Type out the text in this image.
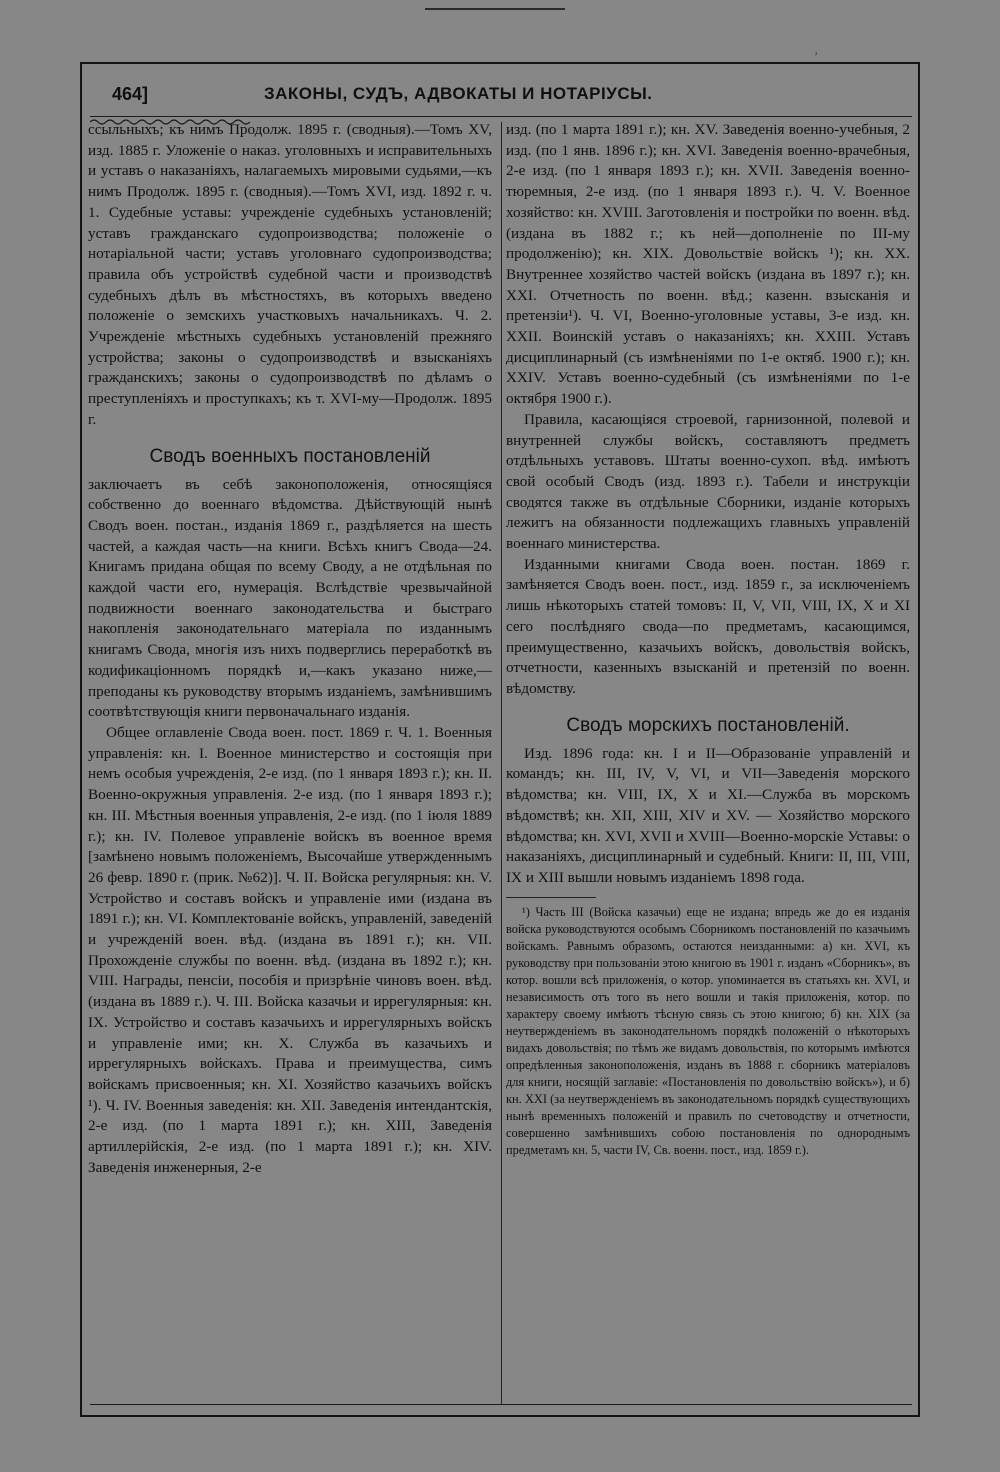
′
464]	ЗАКОНЫ, СУДЪ, АДВОКАТЫ И НОТАРІУСЫ.

ссыльныхъ; къ нимъ Продолж. 1895 г. (сводныя).—Томъ XV, изд. 1885 г. Уложеніе о наказ. уголовныхъ и исправительныхъ и уставъ о наказаніяхъ, налагаемыхъ мировыми судьями,—къ нимъ Продолж. 1895 г. (сводныя).—Томъ XVI, изд. 1892 г. ч. 1. Судебные уставы: учрежденіе судебныхъ установленій; уставъ гражданскаго судопроизводства; положеніе о нотаріальной части; уставъ уголовнаго судопроизводства; правила объ устройствѣ судебной части и производствѣ судебныхъ дѣлъ въ мѣстностяхъ, въ которыхъ введено положеніе о земскихъ участковыхъ начальникахъ. Ч. 2. Учрежденіе мѣстныхъ судебныхъ установленій прежняго устройства; законы о судопроизводствѣ и взысканіяхъ гражданскихъ; законы о судопроизводствѣ по дѣламъ о преступленіяхъ и проступкахъ; къ т. XVI-му—Продолж. 1895 г.

Сводъ военныхъ постановленій

заключаетъ въ себѣ законоположенія, относящіяся собственно до военнаго вѣдомства. Дѣйствующій нынѣ Сводъ воен. постан., изданія 1869 г., раздѣляется на шесть частей, а каждая часть—на книги. Всѣхъ книгъ Свода—24. Книгамъ придана общая по всему Своду, а не отдѣльная по каждой части его, нумерація. Вслѣдствіе чрезвычайной подвижности военнаго законодательства и быстраго накопленія законодательнаго матеріала по изданнымъ книгамъ Свода, многія изъ нихъ подверглись переработкѣ въ кодификаціонномъ порядкѣ и,—какъ указано ниже,—преподаны къ руководству вторымъ изданіемъ, замѣнившимъ соотвѣтствующія книги первоначальнаго изданія.

Общее оглавленіе Свода воен. пост. 1869 г. Ч. 1. Военныя управленія: кн. I. Военное министерство и состоящія при немъ особыя учрежденія, 2-е изд. (по 1 января 1893 г.); кн. II. Военно-окружныя управленія. 2-е изд. (по 1 января 1893 г.); кн. III. Мѣстныя военныя управленія, 2-е изд. (по 1 іюля 1889 г.); кн. IV. Полевое управленіе войскъ въ военное время [замѣнено новымъ положеніемъ, Высочайше утвержденнымъ 26 февр. 1890 г. (прик. №62)]. Ч. II. Войска регулярныя: кн. V. Устройство и составъ войскъ и управленіе ими (издана въ 1891 г.); кн. VI. Комплектованіе войскъ, управленій, заведеній и учрежденій воен. вѣд. (издана въ 1891 г.); кн. VII. Прохожденіе службы по военн. вѣд. (издана въ 1892 г.); кн. VIII. Награды, пенсіи, пособія и призрѣніе чиновъ воен. вѣд. (издана въ 1889 г.). Ч. III. Войска казачьи и иррегулярныя: кн. IX. Устройство и составъ казачьихъ и иррегулярныхъ войскъ и управленіе ими; кн. X. Служба въ казачьихъ и иррегулярныхъ войскахъ. Права и преимущества, симъ войскамъ присвоенныя; кн. XI. Хозяйство казачьихъ войскъ ¹). Ч. IV. Военныя заведенія: кн. XII. Заведенія интендантскія, 2-е изд. (по 1 марта 1891 г.); кн. XIII, Заведенія артиллерійскія, 2-е изд. (по 1 марта 1891 г.); кн. XIV. Заведенія инженерныя, 2-е

изд. (по 1 марта 1891 г.); кн. XV. Заведенія военно-учебныя, 2 изд. (по 1 янв. 1896 г.); кн. XVI. Заведенія военно-врачебныя, 2-е изд. (по 1 января 1893 г.); кн. XVII. Заведенія военно-тюремныя, 2-е изд. (по 1 января 1893 г.). Ч. V. Военное хозяйство: кн. XVIII. Заготовленія и постройки по военн. вѣд. (издана въ 1882 г.; къ ней—дополненіе по III-му продолженію); кн. XIX. Довольствіе войскъ ¹); кн. XX. Внутреннее хозяйство частей войскъ (издана въ 1897 г.); кн. XXI. Отчетность по военн. вѣд.; казенн. взысканія и претензіи¹). Ч. VI, Военно-уголовные уставы, 3-е изд. кн. XXII. Воинскій уставъ о наказаніяхъ; кн. XXIII. Уставъ дисциплинарный (съ измѣненіями по 1-е октяб. 1900 г.); кн. XXIV. Уставъ военно-судебный (съ измѣненіями по 1-е октября 1900 г.).

Правила, касающіяся строевой, гарнизонной, полевой и внутренней службы войскъ, составляютъ предметъ отдѣльныхъ уставовъ. Штаты военно-сухоп. вѣд. имѣютъ свой особый Сводъ (изд. 1893 г.). Табели и инструкціи сводятся также въ отдѣльные Сборники, изданіе которыхъ лежитъ на обязанности подлежащихъ главныхъ управленій военнаго министерства.

Изданными книгами Свода воен. постан. 1869 г. замѣняется Сводъ воен. пост., изд. 1859 г., за исключеніемъ лишь нѣкоторыхъ статей томовъ: II, V, VII, VIII, IX, X и XI сего послѣдняго свода—по предметамъ, касающимся, преимущественно, казачьихъ войскъ, довольствія войскъ, отчетности, казенныхъ взысканій и претензій по военн. вѣдомству.

Сводъ морскихъ постановленій.

Изд. 1896 года: кн. I и II—Образованіе управленій и командъ; кн. III, IV, V, VI, и VII—Заведенія морского вѣдомства; кн. VIII, IX, X и XI.—Служба въ морскомъ вѣдомствѣ; кн. XII, XIII, XIV и XV. — Хозяйство морского вѣдомства; кн. XVI, XVII и XVIII—Военно-морскіе Уставы: о наказаніяхъ, дисциплинарный и судебный. Книги: II, III, VIII, IX и XIII вышли новымъ изданіемъ 1898 года.

¹) Часть III (Войска казачьи) еще не издана; впредь же до ея изданія войска руководствуются особымъ Сборникомъ постановленій по казачьимъ войскамъ. Равнымъ образомъ, остаются неизданными: а) кн. XVI, къ руководству при пользованіи этою книгою въ 1901 г. изданъ «Сборникъ», въ котор. вошли всѣ приложенія, о котор. упоминается въ статьяхъ кн. XVI, и независимость отъ того въ него вошли и такія приложенія, котор. по характеру своему имѣютъ тѣсную связь съ этою книгою; б) кн. XIX (за неутвержденіемъ въ законодательномъ порядкѣ положеній о нѣкоторыхъ видахъ довольствія; по тѣмъ же видамъ довольствія, по которымъ имѣются опредѣленныя законоположенія, изданъ въ 1888 г. сборникъ матеріаловъ для книги, носящій заглавіе: «Постановленія по довольствію войскъ»), и б) кн. XXI (за неутвержденіемъ въ законодательномъ порядкѣ существующихъ нынѣ временныхъ положеній и правилъ по счетоводству и отчетности, совершенно замѣнившихъ собою постановленія по однороднымъ предметамъ кн. 5, части IV, Св. военн. пост., изд. 1859 г.).
